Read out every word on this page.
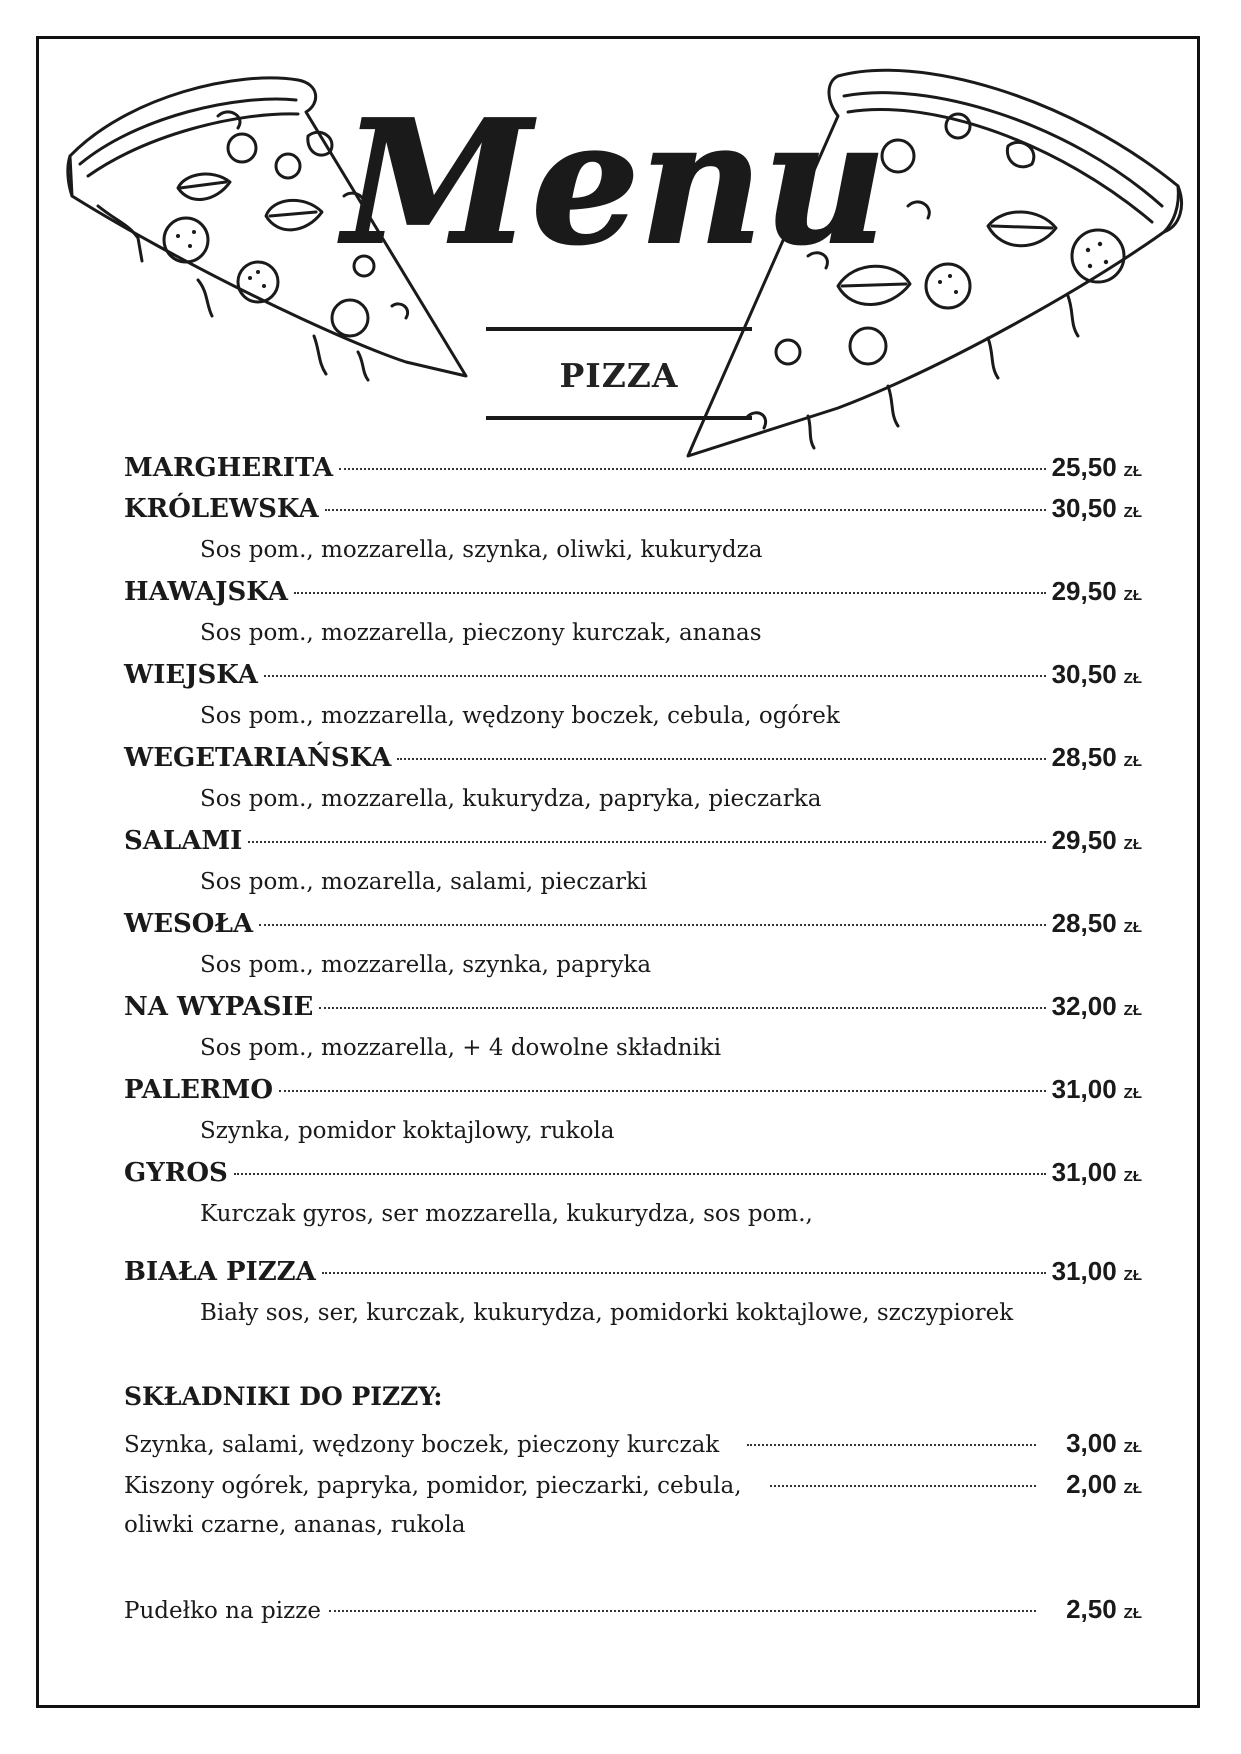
Menu
PIZZA
MARGHERITA	25,50 ZŁ
KRÓLEWSKA	30,50 ZŁ
Sos pom., mozzarella, szynka, oliwki, kukurydza
HAWAJSKA	29,50 ZŁ
Sos pom., mozzarella, pieczony kurczak, ananas
WIEJSKA	30,50 ZŁ
Sos pom., mozzarella, wędzony boczek, cebula, ogórek
WEGETARIAŃSKA	28,50 ZŁ
Sos pom., mozzarella, kukurydza, papryka, pieczarka
SALAMI	29,50 ZŁ
Sos pom., mozarella, salami, pieczarki
WESOŁA	28,50 ZŁ
Sos pom., mozzarella, szynka, papryka
NA WYPASIE	32,00 ZŁ
Sos pom., mozzarella, + 4 dowolne składniki
PALERMO	31,00 ZŁ
Szynka, pomidor koktajlowy, rukola
GYROS	31,00 ZŁ
Kurczak gyros, ser mozzarella, kukurydza, sos pom.,
BIAŁA PIZZA	31,00 ZŁ
Biały sos, ser, kurczak, kukurydza, pomidorki koktajlowe, szczypiorek
SKŁADNIKI DO PIZZY:
Szynka, salami, wędzony boczek, pieczony kurczak	3,00 ZŁ
Kiszony ogórek, papryka, pomidor, pieczarki, cebula,	2,00 ZŁ
oliwki czarne, ananas, rukola
Pudełko na pizze	2,50 ZŁ
